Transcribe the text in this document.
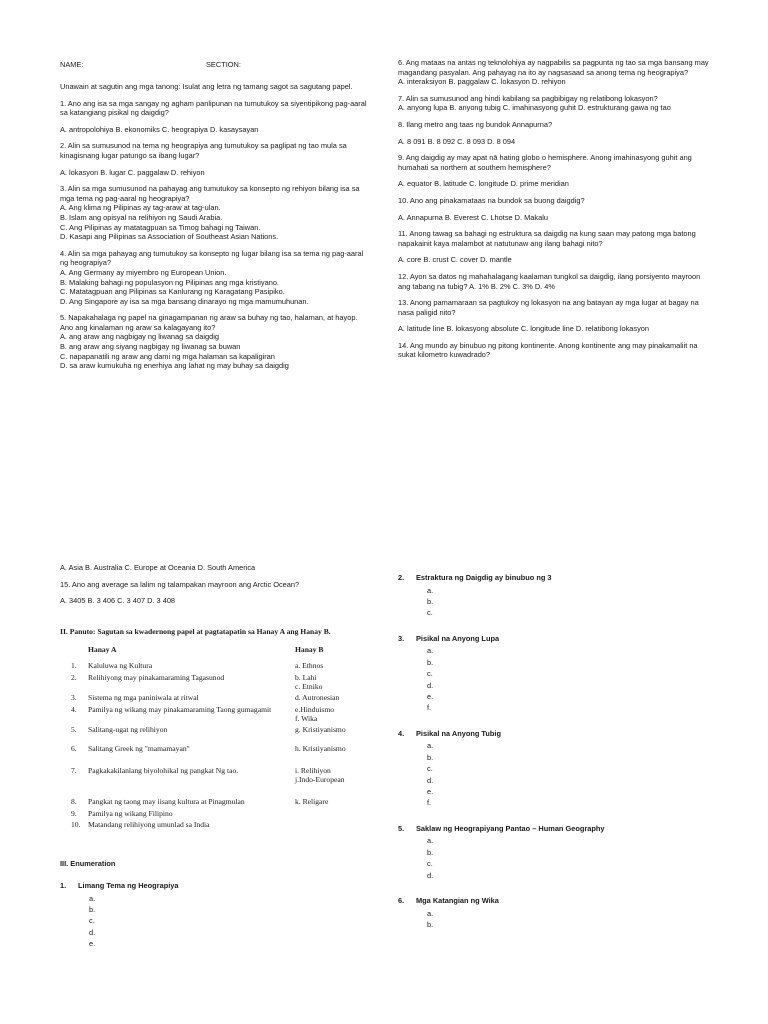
NAME:	SECTION:

Unawain at sagutin ang mga tanong: Isulat ang letra ng tamang sagot sa sagutang papel.

1. Ano ang isa sa mga sangay ng agham panlipunan na tumutukoy sa siyentipikong pag-aaral sa katangiang pisikal ng daigdig?

A. antropolohiya B. ekonomiks C. heograpiya D. kasaysayan

2. Alin sa sumusunod na tema ng heograpiya ang tumutukoy sa paglipat ng tao mula sa kinagisnang lugar patungo sa ibang lugar?

A. lokasyon B. lugar C. paggalaw D. rehiyon

3. Alin sa mga sumusunod na pahayag ang tumutukoy sa konsepto ng rehiyon bilang isa sa mga tema ng pag-aaral ng heograpiya?

A. Ang klima ng Pilipinas ay tag-araw at tag-ulan.

B. Islam ang opisyal na relihiyon ng Saudi Arabia.

C. Ang Pilipinas ay matatagpuan sa Timog bahagi ng Taiwan.

D. Kasapi ang Pilipinas sa Association of Southeast Asian Nations.

4. Alin sa mga pahayag ang tumutukoy sa konsepto ng lugar bilang isa sa tema ng pag-aaral ng heograpiya?

A. Ang Germany ay miyembro ng European Union.

B. Malaking bahagi ng populasyon ng Pilipinas ang mga kristiyano.

C. Matatagpuan ang Pilipinas sa Kanlurang ng Karagatang Pasipiko.

D. Ang Singapore ay isa sa mga bansang dinarayo ng mga mamumuhunan.

5. Napakahalaga ng papel na ginagampanan ng araw sa buhay ng tao, halaman, at hayop. Ano ang kinalaman ng araw sa kalagayang ito?

A. ang araw ang nagbigay ng liwanag sa daigdig

B. ang araw ang siyang nagbigay ng liwanag sa buwan

C. napapanatili ng araw ang dami ng mga halaman sa kapaligiran

D. sa araw kumukuha ng enerhiya ang lahat ng may buhay sa daigdig

6. Ang mataas na antas ng teknolohiya ay nagpabilis sa pagpunta ng tao sa mga bansang may magandang pasyalan. Ang pahayag na ito ay nagsasaad sa anong tema ng heograpiya?

A. interaksiyon B. paggalaw C. lokasyon D. rehiyon

7. Alin sa sumusunod ang hindi kabilang sa pagbibigay ng relatibong lokasyon?

A. anyong lupa B. anyong tubig C. imahinasyong guhit D. estrukturang gawa ng tao

8. Ilang metro ang taas ng bundok Annapurna?

A. 8 091 B. 8 092 C. 8 093 D. 8 094

9. Ang daigdig ay may apat nā hating globo o hemisphere. Anong imahinasyong guhit ang humahati sa northem at southem hemisphere?

A. equator B. latitude C. longitude D. prime meridian

10. Ano ang pinakamataas na bundok sa buong daigdig?

A. Annapurna B. Everest C. Lhotse D. Makalu

11. Anong tawag sa bahagi ng estruktura sa daigdig na kung saan may patong mga batong napakainit kaya malambot at natutunaw ang ilang bahagi nito?

A. core B. crust C. cover D. mantle

12. Ayon sa datos ng mahahalagang kaalaman tungkol sa daigdig, ilang porsiyento mayroon ang tabang na tubig? A. 1% B. 2% C. 3% D. 4%

13. Anong pamamaraan sa pagtukoy ng lokasyon na ang batayan ay mga lugar at bagay na nasa paligid nito?

A. latitude line B. lokasyong absolute C. longitude line D. relatibong lokasyon

14. Ang mundo ay binubuo ng pitong kontinente. Anong kontinente ang may pinakamaliit na sukat kilometro kuwadrado?

A. Asia B. Australia C. Europe at Oceania D. South America

15. Ano ang average sa lalim ng talampakan mayroon ang Arctic Ocean?

A. 3405 B. 3 406 C. 3 407 D. 3 408

II. Panuto: Sagutan sa kwadernong papel at pagtatapatin sa Hanay A ang Hanay B.
Hanay A	Hanay B
1. Kaluluwa ng Kultura	a. Ethnos
2. Relihiyong may pinakamaraming Tagasunod	b. Lahi
c. Etniko
3. Sistema ng mga paniniwala at ritwal	d. Autronesian
4. Pamilya ng wikang may pinakamaraming Taong gumagamit	e.Hinduismo
f. Wika
5. Salitang-ugat ng relihiyon	g. Kristiyanismo
6. Salitang Greek ng "mamamayan"	h. Kristiyanismo
7. Pagkakakilanlang biyolohikal ng pangkat Ng tao.	i. Relihiyon
j.Indo-European
8. Pangkat ng taong may iisang kultura at Pinagmulan	k. Religare
9. Pamilya ng wikang Filipino
10. Matandang relihiyong umunlad sa India
III. Enumeration

1. Limang Tema ng Heograpiya

a.

b.

c.

d.

e.

2. Estraktura ng Daigdig ay binubuo ng 3

a.

b.

c.

3. Pisikal na Anyong Lupa

a.

b.

c.

d.

e.

f.

4. Pisikal na Anyong Tubig

a.

b.

c.

d.

e.

f.

5. Saklaw ng Heograpiyang Pantao – Human Geography

a.

b.

c.

d.

6. Mga Katangian ng Wika

a.

b.
